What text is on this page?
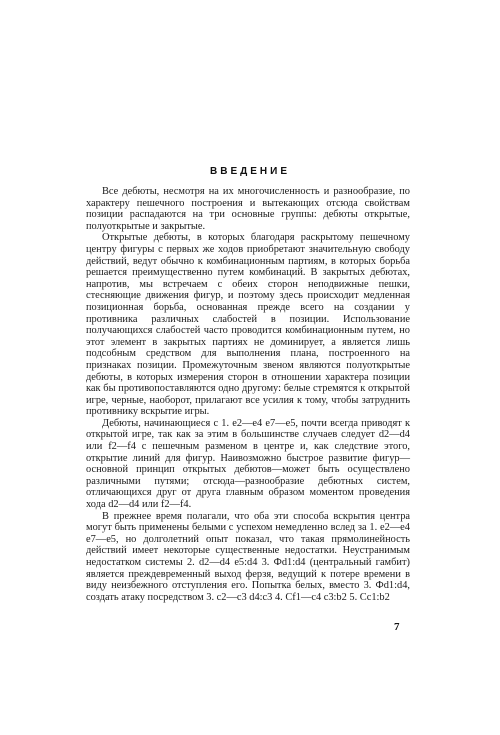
ВВЕДЕНИЕ

Все дебюты, несмотря на их многочисленность и разнообразие, по характеру пешечного построения и вытекающих отсюда свойствам позиции распадаются на три основные группы: дебюты открытые, полуоткрытые и закрытые.

Открытые дебюты, в которых благодаря раскрытому пешечному центру фигуры с первых же ходов приобретают значительную свободу действий, ведут обычно к комбинационным партиям, в которых борьба решается преимущественно путем комбинаций. В закрытых дебютах, напротив, мы встречаем с обеих сторон неподвижные пешки, стесняющие движения фигур, и поэтому здесь происходит медленная позиционная борьба, основанная прежде всего на создании у противника различных слабостей в позиции. Использование получающихся слабостей часто проводится комбинационным путем, но этот элемент в закрытых партиях не доминирует, а является лишь подсобным средством для выполнения плана, построенного на признаках позиции. Промежуточным звеном являются полуоткрытые дебюты, в которых измерения сторон в отношении характера позиции как бы противопоставляются одно другому: белые стремятся к открытой игре, черные, наоборот, прилагают все усилия к тому, чтобы затруднить противнику вскрытие игры.

Дебюты, начинающиеся с 1. e2—e4 e7—e5, почти всегда приводят к открытой игре, так как за этим в большинстве случаев следует d2—d4 или f2—f4 с пешечным разменом в центре и, как следствие этого, открытие линий для фигур. Наивозможно быстрое развитие фигур—основной принцип открытых дебютов—может быть осуществлено различными путями; отсюда—разнообразие дебютных систем, отличающихся друг от друга главным образом моментом проведения хода d2—d4 или f2—f4.

В прежнее время полагали, что оба эти способа вскрытия центра могут быть применены белыми с успехом немедленно вслед за 1. e2—e4 e7—e5, но долголетний опыт показал, что такая прямолинейность действий имеет некоторые существенные недостатки. Неустранимым недостатком системы 2. d2—d4 e5:d4 3. Фd1:d4 (центральный гамбит) является преждевременный выход ферзя, ведущий к потере времени в виду неизбежного отступления его. Попытка белых, вместо 3. Фd1:d4, создать атаку посредством 3. c2—c3 d4:c3 4. Cf1—c4 c3:b2 5. Cc1:b2

7
